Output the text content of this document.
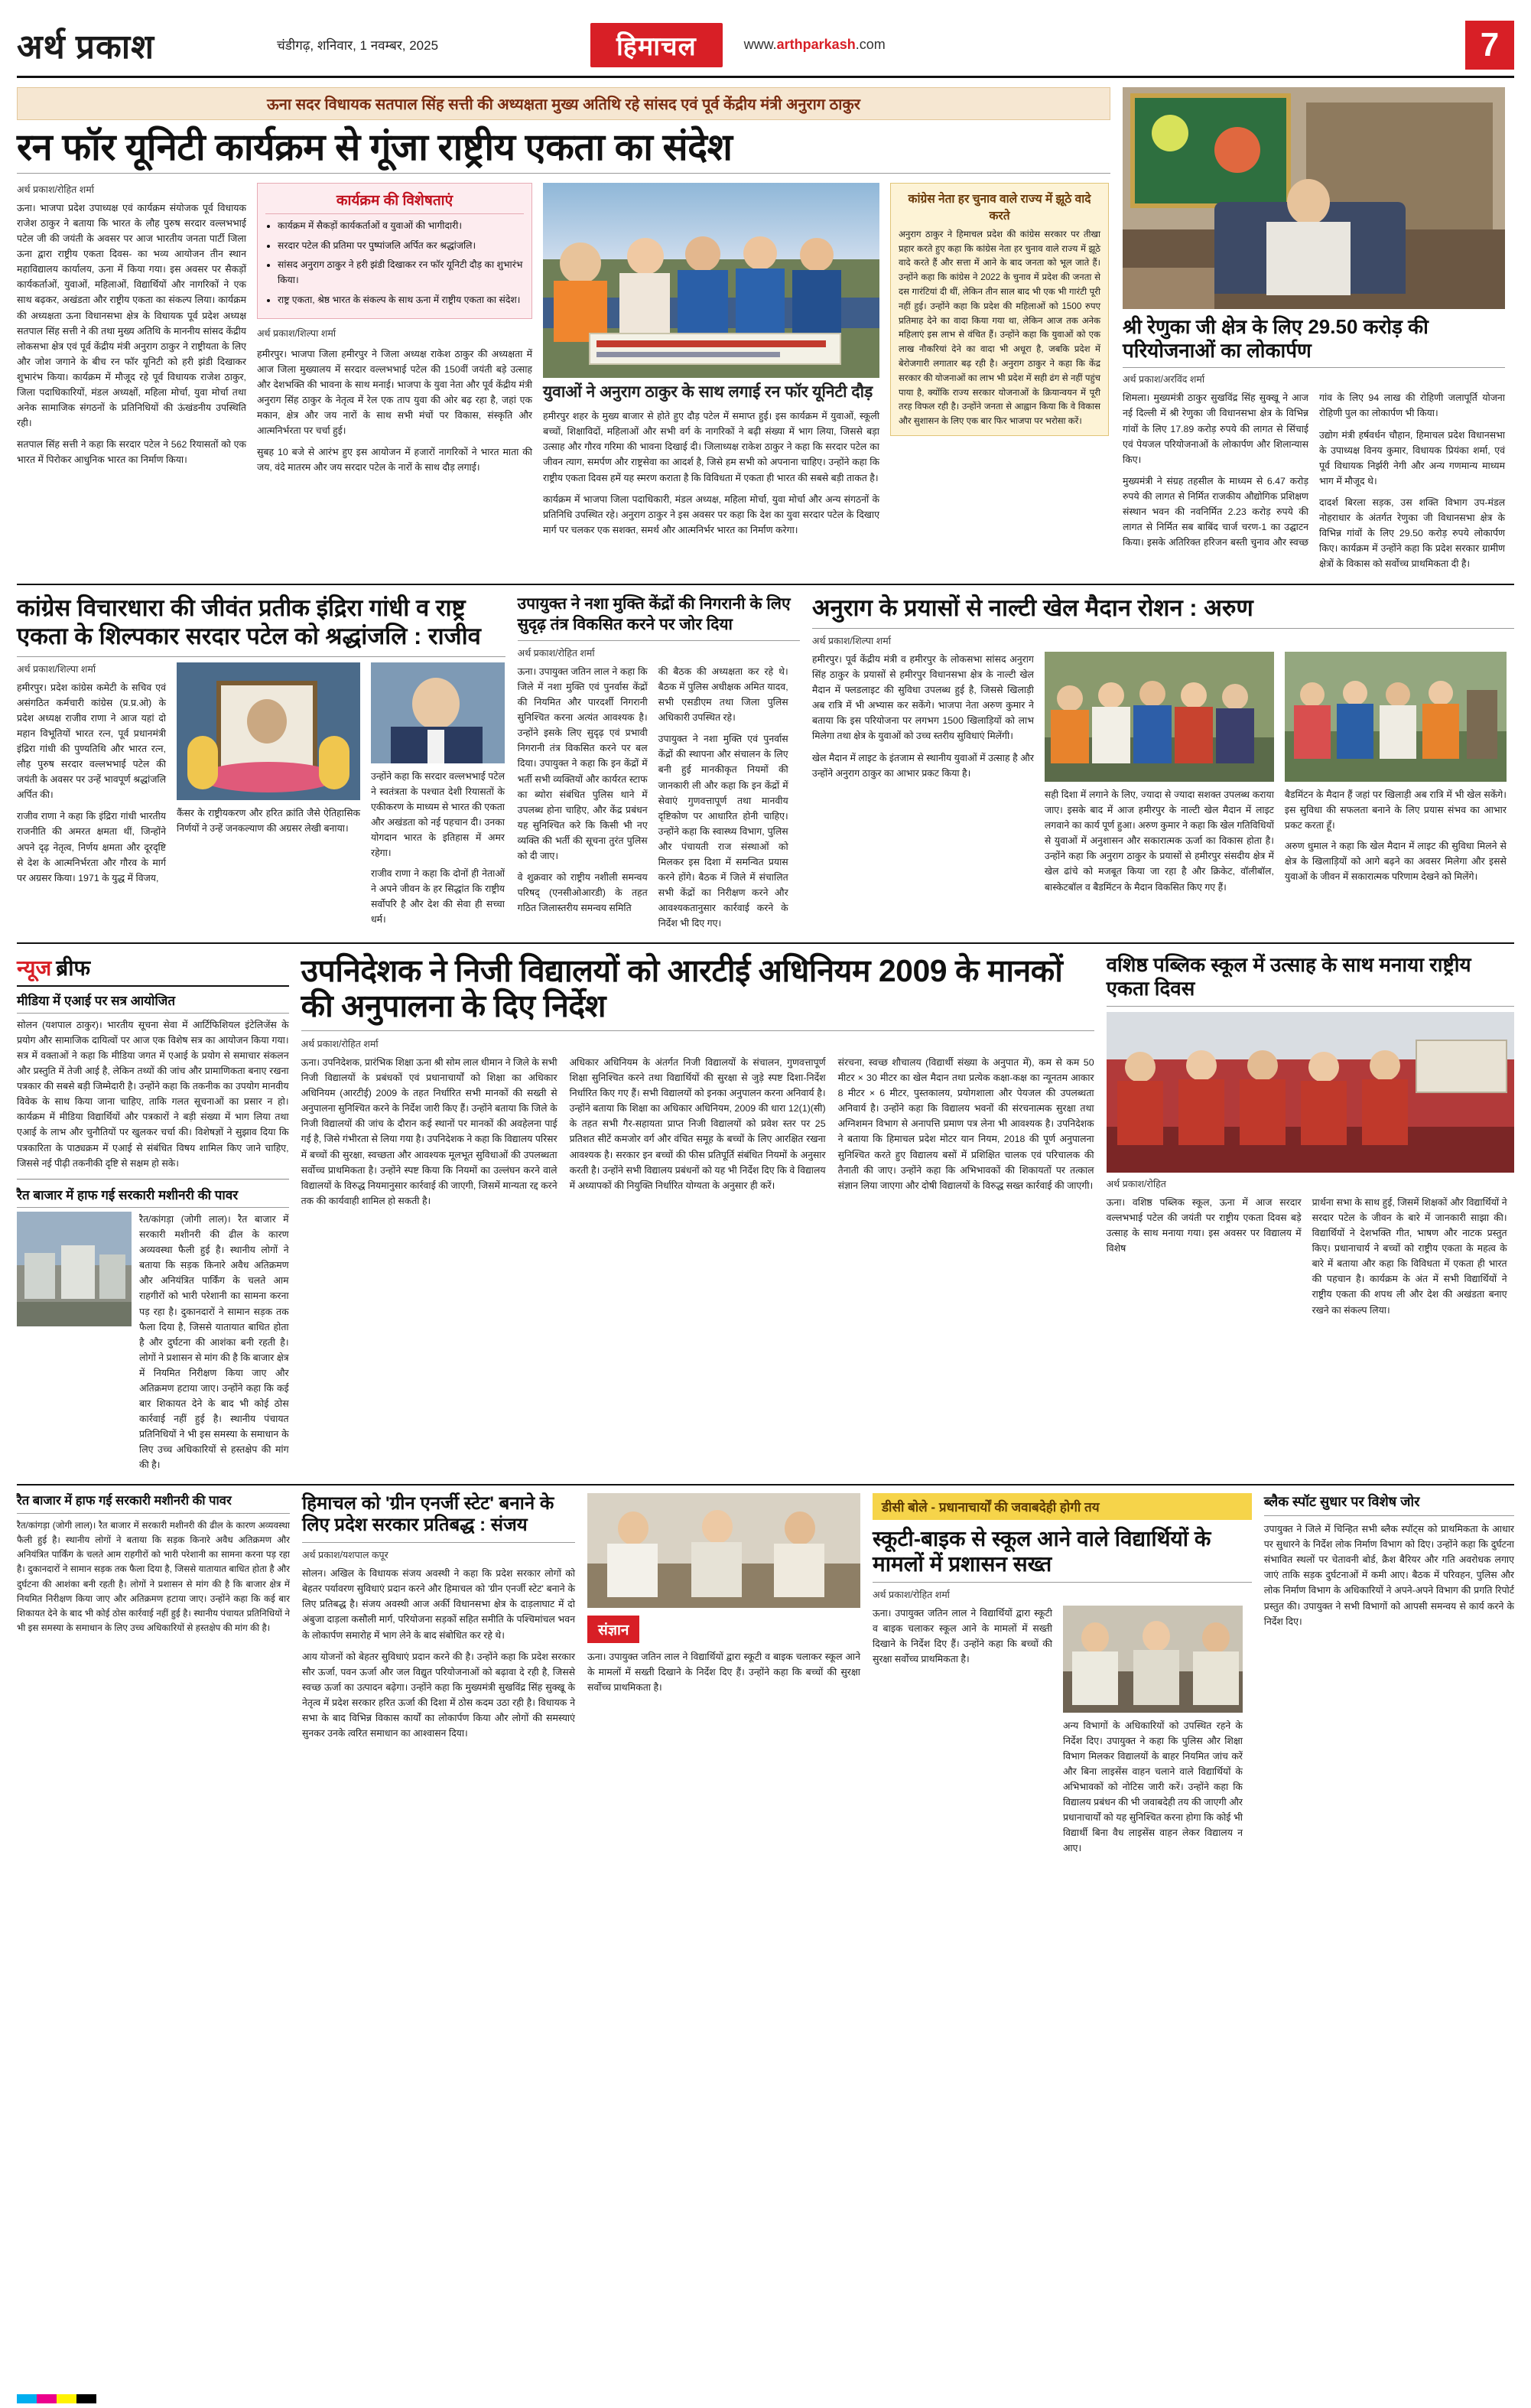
अर्थ प्रकाश	चंडीगढ़, शनिवार, 1 नवम्बर, 2025	हिमाचल	www.arthparkash.com	7
ऊना सदर विधायक सतपाल सिंह सत्ती की अध्यक्षता मुख्य अतिथि रहे सांसद एवं पूर्व केंद्रीय मंत्री अनुराग ठाकुर
रन फॉर यूनिटी कार्यक्रम से गूंजा राष्ट्रीय एकता का संदेश
अर्थ प्रकाश/रोहित शर्मा
ऊना। भाजपा प्रदेश उपाध्यक्ष एवं कार्यक्रम संयोजक पूर्व विधायक राजेश ठाकुर ने बताया कि भारत के लौह पुरुष सरदार वल्लभभाई पटेल जी की जयंती के अवसर पर आज भारतीय जनता पार्टी जिला ऊना द्वारा राष्ट्रीय एकता दिवस- का भव्य आयोजन तीन स्थान महाविद्यालय कार्यालय, ऊना में किया गया। इस अवसर पर सैकड़ों कार्यकर्ताओं, युवाओं, महिलाओं, विद्यार्थियों और नागरिकों ने एक साथ बढ़कर, अखंडता और राष्ट्रीय एकता का संकल्प लिया। कार्यक्रम की अध्यक्षता ऊना विधानसभा क्षेत्र के विधायक पूर्व प्रदेश अध्यक्ष सतपाल सिंह सत्ती ने की तथा मुख्य अतिथि के माननीय सांसद केंद्रीय लोकसभा क्षेत्र एवं पूर्व केंद्रीय मंत्री अनुराग ठाकुर ने राष्ट्रीयता के लिए और जोश जगाने के बीच रन फॉर यूनिटी को हरी झंडी दिखाकर शुभारंभ किया। कार्यक्रम में मौजूद रहे पूर्व विधायक राजेश ठाकुर, जिला पदाधिकारियों, मंडल अध्यक्षों, महिला मोर्चा, युवा मोर्चा तथा अनेक सामाजिक संगठनों के प्रतिनिधियों की ऊंखंडनीय उपस्थिति रही।
सतपाल सिंह सत्ती ने कहा कि सरदार पटेल ने 562 रियासतों को एक भारत में पिरोकर आधुनिक भारत का निर्माण किया।
कार्यक्रम की विशेषताएं
• कार्यक्रम में सैकड़ों कार्यकर्ताओं व युवाओं की भागीदारी।
• सरदार पटेल की प्रतिमा पर पुष्पांजलि अर्पित कर श्रद्धांजलि।
• सांसद अनुराग ठाकुर ने हरी झंडी दिखाकर रन फॉर यूनिटी दौड़ का शुभारंभ किया।
• राष्ट्र एकता, श्रेष्ठ भारत के संकल्प के साथ ऊना में राष्ट्रीय एकता का संदेश।
अर्थ प्रकाश/शिल्पा शर्मा
हमीरपुर। भाजपा जिला हमीरपुर ने जिला अध्यक्ष राकेश ठाकुर की अध्यक्षता में आज जिला मुख्यालय में सरदार वल्लभभाई पटेल की 150वीं जयंती बड़े उत्साह और देशभक्ति की भावना के साथ मनाई। भाजपा के युवा नेता और पूर्व केंद्रीय मंत्री अनुराग सिंह ठाकुर के नेतृत्व में रेल एक ताप युवा की ओर बढ़ रहा है, जहां एक मकान, क्षेत्र और जय नारों के साथ सभी मंचों पर विकास, संस्कृति और आत्मनिर्भरता पर चर्चा हुई।
सुबह 10 बजे से आरंभ हुए इस आयोजन में हजारों नागरिकों ने भारत माता की जय, वंदे मातरम और जय सरदार पटेल के नारों के साथ दौड़ लगाई।
युवाओं ने अनुराग ठाकुर के साथ लगाई रन फॉर यूनिटी दौड़
हमीरपुर शहर के मुख्य बाजार से होते हुए दौड़ पटेल में समाप्त हुई। इस कार्यक्रम में युवाओं, स्कूली बच्चों, शिक्षाविदों, महिलाओं और सभी वर्ग के नागरिकों ने बढ़ी संख्या में भाग लिया, जिससे बड़ा उत्साह और गौरव गरिमा की भावना दिखाई दी। जिलाध्यक्ष राकेश ठाकुर ने कहा कि सरदार पटेल का जीवन त्याग, समर्पण और राष्ट्रसेवा का आदर्श है, जिसे हम सभी को अपनाना चाहिए। उन्होंने कहा कि राष्ट्रीय एकता दिवस हमें यह स्मरण कराता है कि विविधता में एकता ही भारत की सबसे बड़ी ताकत है।
कार्यक्रम में भाजपा जिला पदाधिकारी, मंडल अध्यक्ष, महिला मोर्चा, युवा मोर्चा और अन्य संगठनों के प्रतिनिधि उपस्थित रहे। अनुराग ठाकुर ने इस अवसर पर कहा कि देश का युवा सरदार पटेल के दिखाए मार्ग पर चलकर एक सशक्त, समर्थ और आत्मनिर्भर भारत का निर्माण करेगा।
कांग्रेस नेता हर चुनाव वाले राज्य में झूठे वादे करते
अनुराग ठाकुर ने हिमाचल प्रदेश की कांग्रेस सरकार पर तीखा प्रहार करते हुए कहा कि कांग्रेस नेता हर चुनाव वाले राज्य में झूठे वादे करते हैं और सत्ता में आने के बाद जनता को भूल जाते हैं। उन्होंने कहा कि कांग्रेस ने 2022 के चुनाव में प्रदेश की जनता से दस गारंटियां दी थीं, लेकिन तीन साल बाद भी एक भी गारंटी पूरी नहीं हुई। उन्होंने कहा कि प्रदेश की महिलाओं को 1500 रुपए प्रतिमाह देने का वादा किया गया था, लेकिन आज तक अनेक महिलाएं इस लाभ से वंचित हैं। उन्होंने कहा कि युवाओं को एक लाख नौकरियां देने का वादा भी अधूरा है, जबकि प्रदेश में बेरोजगारी लगातार बढ़ रही है। अनुराग ठाकुर ने कहा कि केंद्र सरकार की योजनाओं का लाभ भी प्रदेश में सही ढंग से नहीं पहुंच पाया है, क्योंकि राज्य सरकार योजनाओं के क्रियान्वयन में पूरी तरह विफल रही है। उन्होंने जनता से आह्वान किया कि वे विकास और सुशासन के लिए एक बार फिर भाजपा पर भरोसा करें।
श्री रेणुका जी क्षेत्र के लिए 29.50 करोड़ की परियोजनाओं का लोकार्पण
अर्थ प्रकाश/अरविंद शर्मा
शिमला। मुख्यमंत्री ठाकुर सुखविंद्र सिंह सुक्खू ने आज नई दिल्ली में श्री रेणुका जी विधानसभा क्षेत्र के विभिन्न गांवों के लिए 17.89 करोड़ रुपये की लागत से सिंचाई एवं पेयजल परियोजनाओं के लोकार्पण और शिलान्यास किए।
मुख्यमंत्री ने संग्रह तहसील के माध्यम से 6.47 करोड़ रुपये की लागत से निर्मित राजकीय औद्योगिक प्रशिक्षण संस्थान भवन की नवनिर्मित 2.23 करोड़ रुपये की लागत से निर्मित सब बाबिंद चार्ज चरण-1 का उद्घाटन किया। इसके अतिरिक्त हरिजन बस्ती चुनाव और स्वच्छ गांव के लिए 94 लाख की रोहिणी जलापूर्ति योजना रोहिणी पुल का लोकार्पण भी किया।
उद्योग मंत्री हर्षवर्धन चौहान, हिमाचल प्रदेश विधानसभा के उपाध्यक्ष विनय कुमार, विधायक प्रियंका शर्मा, एवं पूर्व विधायक निर्झरी नेगी और अन्य गणमान्य माध्यम भाग में मौजूद थे।
दादर्श बिरला सड़क, उस शक्ति विभाग उप-मंडल नोहराधार के अंतर्गत रेणुका जी विधानसभा क्षेत्र के विभिन्न गांवों के लिए 29.50 करोड़ रुपये लोकार्पण किए। कार्यक्रम में उन्होंने कहा कि प्रदेश सरकार ग्रामीण क्षेत्रों के विकास को सर्वोच्च प्राथमिकता दी है।
कांग्रेस विचारधारा की जीवंत प्रतीक इंद्रिरा गांधी व राष्ट्र एकता के शिल्पकार सरदार पटेल को श्रद्धांजलि : राजीव
अर्थ प्रकाश/शिल्पा शर्मा
हमीरपुर। प्रदेश कांग्रेस कमेटी के सचिव एवं असंगठित कर्मचारी कांग्रेस (प्र.प्र.ओ) के प्रदेश अध्यक्ष राजीव राणा ने आज यहां दो महान विभूतियों भारत रत्न, पूर्व प्रधानमंत्री इंद्रिरा गांधी की पुण्यतिथि और भारत रत्न, लौह पुरुष सरदार वल्लभभाई पटेल की जयंती के अवसर पर उन्हें भावपूर्ण श्रद्धांजलि अर्पित की।
राजीव राणा ने कहा कि इंद्रिरा गांधी भारतीय राजनीति की अमरत क्षमता थीं, जिन्होंने अपने दृढ़ नेतृत्व, निर्णय क्षमता और दूरदृष्टि से देश के आत्मनिर्भरता और गौरव के मार्ग पर अग्रसर किया। 1971 के युद्ध में विजय,
कैंसर के राष्ट्रीयकरण और हरित क्रांति जैसे ऐतिहासिक निर्णयों ने उन्हें जनकल्याण की अग्रसर लेखी बनाया।
उन्होंने कहा कि सरदार वल्लभभाई पटेल ने स्वतंत्रता के पश्चात देशी रियासतों के एकीकरण के माध्यम से भारत की एकता और अखंडता को नई पहचान दी। उनका योगदान भारत के इतिहास में अमर रहेगा।
राजीव राणा ने कहा कि दोनों ही नेताओं ने अपने जीवन के हर सिद्धांत कि राष्ट्रीय सर्वोपरि है और देश की सेवा ही सच्चा धर्म।
उपायुक्त ने नशा मुक्ति केंद्रों की निगरानी के लिए सुदृढ़ तंत्र विकसित करने पर जोर दिया
अर्थ प्रकाश/रोहित शर्मा
ऊना। उपायुक्त जतिन लाल ने कहा कि जिले में नशा मुक्ति एवं पुनर्वास केंद्रों की नियमित और पारदर्शी निगरानी सुनिश्चित करना अत्यंत आवश्यक है। उन्होंने इसके लिए सुदृढ़ एवं प्रभावी निगरानी तंत्र विकसित करने पर बल दिया। उपायुक्त ने कहा कि इन केंद्रों में भर्ती सभी व्यक्तियों और कार्यरत स्टाफ का ब्योरा संबंधित पुलिस थाने में उपलब्ध होना चाहिए, और केंद्र प्रबंधन यह सुनिश्चित करे कि किसी भी नए व्यक्ति की भर्ती की सूचना तुरंत पुलिस को दी जाए।
वे शुक्रवार को राष्ट्रीय नशीली समन्वय परिषद् (एनसीओआरडी) के तहत गठित जिलास्तरीय समन्वय समिति
की बैठक की अध्यक्षता कर रहे थे। बैठक में पुलिस अधीक्षक अमित यादव, सभी एसडीएम तथा जिला पुलिस अधिकारी उपस्थित रहे।
उपायुक्त ने नशा मुक्ति एवं पुनर्वास केंद्रों की स्थापना और संचालन के लिए बनी हुई मानकीकृत नियमों की जानकारी ली और कहा कि इन केंद्रों में सेवाएं गुणवत्तापूर्ण तथा मानवीय दृष्टिकोण पर आधारित होनी चाहिए। उन्होंने कहा कि स्वास्थ्य विभाग, पुलिस और पंचायती राज संस्थाओं को मिलकर इस दिशा में समन्वित प्रयास करने होंगे। बैठक में जिले में संचालित सभी केंद्रों का निरीक्षण करने और आवश्यकतानुसार कार्रवाई करने के निर्देश भी दिए गए।
अनुराग के प्रयासों से नाल्टी खेल मैदान रोशन : अरुण
अर्थ प्रकाश/शिल्पा शर्मा
हमीरपुर। पूर्व केंद्रीय मंत्री व हमीरपुर के लोकसभा सांसद अनुराग सिंह ठाकुर के प्रयासों से हमीरपुर विधानसभा क्षेत्र के नाल्टी खेल मैदान में फ्लडलाइट की सुविधा उपलब्ध हुई है, जिससे खिलाड़ी अब रात्रि में भी अभ्यास कर सकेंगे। भाजपा नेता अरुण कुमार ने बताया कि इस परियोजना पर लगभग 1500 खिलाड़ियों को लाभ मिलेगा तथा क्षेत्र के युवाओं को उच्च स्तरीय सुविधाएं मिलेंगी।
खेल मैदान में लाइट के इंतजाम से स्थानीय युवाओं में उत्साह है और उन्होंने अनुराग ठाकुर का आभार प्रकट किया है।
सही दिशा में लगाने के लिए, ज्यादा से ज्यादा सशक्त उपलब्ध कराया जाए। इसके बाद में आज हमीरपुर के नाल्टी खेल मैदान में लाइट लगवाने का कार्य पूर्ण हुआ। अरुण कुमार ने कहा कि खेल गतिविधियों से युवाओं में अनुशासन और सकारात्मक ऊर्जा का विकास होता है। उन्होंने कहा कि अनुराग ठाकुर के प्रयासों से हमीरपुर संसदीय क्षेत्र में खेल ढांचे को मजबूत किया जा रहा है और क्रिकेट, वॉलीबॉल, बास्केटबॉल व बैडमिंटन के मैदान विकसित किए गए हैं।
बैडमिंटन के मैदान हैं जहां पर खिलाड़ी अब रात्रि में भी खेल सकेंगे। इस सुविधा की सफलता बनाने के लिए प्रयास संभव का आभार प्रकट करता हूँ।
अरुण धुमाल ने कहा कि खेल मैदान में लाइट की सुविधा मिलने से क्षेत्र के खिलाड़ियों को आगे बढ़ने का अवसर मिलेगा और इससे युवाओं के जीवन में सकारात्मक परिणाम देखने को मिलेंगे।
न्यूज ब्रीफ
मीडिया में एआई पर सत्र आयोजित
सोलन (यशपाल ठाकुर)। भारतीय सूचना सेवा में आर्टिफिशियल इंटेलिजेंस के प्रयोग और सामाजिक दायित्वों पर आज एक विशेष सत्र का आयोजन किया गया। सत्र में वक्ताओं ने कहा कि मीडिया जगत में एआई के प्रयोग से समाचार संकलन और प्रस्तुति में तेजी आई है, लेकिन तथ्यों की जांच और प्रामाणिकता बनाए रखना पत्रकार की सबसे बड़ी जिम्मेदारी है। उन्होंने कहा कि तकनीक का उपयोग मानवीय विवेक के साथ किया जाना चाहिए, ताकि गलत सूचनाओं का प्रसार न हो। कार्यक्रम में मीडिया विद्यार्थियों और पत्रकारों ने बड़ी संख्या में भाग लिया तथा एआई के लाभ और चुनौतियों पर खुलकर चर्चा की। विशेषज्ञों ने सुझाव दिया कि पत्रकारिता के पाठ्यक्रम में एआई से संबंधित विषय शामिल किए जाने चाहिए, जिससे नई पीढ़ी तकनीकी दृष्टि से सक्षम हो सके।
रैत बाजार में हाफ गई सरकारी मशीनरी की पावर
रैत/कांगड़ा (जोगी लाल)। रैत बाजार में सरकारी मशीनरी की ढील के कारण अव्यवस्था फैली हुई है। स्थानीय लोगों ने बताया कि सड़क किनारे अवैध अतिक्रमण और अनियंत्रित पार्किंग के चलते आम राहगीरों को भारी परेशानी का सामना करना पड़ रहा है। दुकानदारों ने सामान सड़क तक फैला दिया है, जिससे यातायात बाधित होता है और दुर्घटना की आशंका बनी रहती है। लोगों ने प्रशासन से मांग की है कि बाजार क्षेत्र में नियमित निरीक्षण किया जाए और अतिक्रमण हटाया जाए। उन्होंने कहा कि कई बार शिकायत देने के बाद भी कोई ठोस कार्रवाई नहीं हुई है। स्थानीय पंचायत प्रतिनिधियों ने भी इस समस्या के समाधान के लिए उच्च अधिकारियों से हस्तक्षेप की मांग की है।
उपनिदेशक ने निजी विद्यालयों को आरटीई अधिनियम 2009 के मानकों की अनुपालना के दिए निर्देश
अर्थ प्रकाश/रोहित शर्मा
ऊना। उपनिदेशक, प्रारंभिक शिक्षा ऊना श्री सोम लाल धीमान ने जिले के सभी निजी विद्यालयों के प्रबंधकों एवं प्रधानाचार्यों को शिक्षा का अधिकार अधिनियम (आरटीई) 2009 के तहत निर्धारित सभी मानकों की सख्ती से अनुपालना सुनिश्चित करने के निर्देश जारी किए हैं। उन्होंने बताया कि जिले के निजी विद्यालयों की जांच के दौरान कई स्थानों पर मानकों की अवहेलना पाई गई है, जिसे गंभीरता से लिया गया है। उपनिदेशक ने कहा कि विद्यालय परिसर में बच्चों की सुरक्षा, स्वच्छता और आवश्यक मूलभूत सुविधाओं की उपलब्धता सर्वोच्च प्राथमिकता है। उन्होंने स्पष्ट किया कि नियमों का उल्लंघन करने वाले विद्यालयों के विरुद्ध नियमानुसार कार्रवाई की जाएगी, जिसमें मान्यता रद्द करने तक की कार्यवाही शामिल हो सकती है।
अधिकार अधिनियम के अंतर्गत निजी विद्यालयों के संचालन, गुणवत्तापूर्ण शिक्षा सुनिश्चित करने तथा विद्यार्थियों की सुरक्षा से जुड़े स्पष्ट दिशा-निर्देश निर्धारित किए गए हैं। सभी विद्यालयों को इनका अनुपालन करना अनिवार्य है। उन्होंने बताया कि शिक्षा का अधिकार अधिनियम, 2009 की धारा 12(1)(सी) के तहत सभी गैर-सहायता प्राप्त निजी विद्यालयों को प्रवेश स्तर पर 25 प्रतिशत सीटें कमजोर वर्ग और वंचित समूह के बच्चों के लिए आरक्षित रखना आवश्यक है। सरकार इन बच्चों की फीस प्रतिपूर्ति संबंधित नियमों के अनुसार करती है। उन्होंने सभी विद्यालय प्रबंधनों को यह भी निर्देश दिए कि वे विद्यालय में अध्यापकों की नियुक्ति निर्धारित योग्यता के अनुसार ही करें।
संरचना, स्वच्छ शौचालय (विद्यार्थी संख्या के अनुपात में), कम से कम 50 मीटर × 30 मीटर का खेल मैदान तथा प्रत्येक कक्षा-कक्ष का न्यूनतम आकार 8 मीटर × 6 मीटर, पुस्तकालय, प्रयोगशाला और पेयजल की उपलब्धता अनिवार्य है। उन्होंने कहा कि विद्यालय भवनों की संरचनात्मक सुरक्षा तथा अग्निशमन विभाग से अनापत्ति प्रमाण पत्र लेना भी आवश्यक है। उपनिदेशक ने बताया कि हिमाचल प्रदेश मोटर यान नियम, 2018 की पूर्ण अनुपालना सुनिश्चित करते हुए विद्यालय बसों में प्रशिक्षित चालक एवं परिचालक की तैनाती की जाए। उन्होंने कहा कि अभिभावकों की शिकायतों पर तत्काल संज्ञान लिया जाएगा और दोषी विद्यालयों के विरुद्ध सख्त कार्रवाई की जाएगी।
वशिष्ठ पब्लिक स्कूल में उत्साह के साथ मनाया राष्ट्रीय एकता दिवस
अर्थ प्रकाश/रोहित
ऊना। वशिष्ठ पब्लिक स्कूल, ऊना में आज सरदार वल्लभभाई पटेल की जयंती पर राष्ट्रीय एकता दिवस बड़े उत्साह के साथ मनाया गया। इस अवसर पर विद्यालय में विशेष
प्रार्थना सभा के साथ हुई, जिसमें शिक्षकों और विद्यार्थियों ने सरदार पटेल के जीवन के बारे में जानकारी साझा की। विद्यार्थियों ने देशभक्ति गीत, भाषण और नाटक प्रस्तुत किए। प्रधानाचार्य ने बच्चों को राष्ट्रीय एकता के महत्व के बारे में बताया और कहा कि विविधता में एकता ही भारत की पहचान है। कार्यक्रम के अंत में सभी विद्यार्थियों ने राष्ट्रीय एकता की शपथ ली और देश की अखंडता बनाए रखने का संकल्प लिया।
रैत बाजार में हाफ गई सरकारी मशीनरी की पावर
रैत/कांगड़ा (जोगी लाल)। रैत बाजार में सरकारी मशीनरी की ढील के कारण अव्यवस्था फैली हुई है। स्थानीय लोगों ने बताया कि सड़क किनारे अवैध अतिक्रमण और अनियंत्रित पार्किंग के चलते आम राहगीरों को भारी परेशानी का सामना करना पड़ रहा है। दुकानदारों ने सामान सड़क तक फैला दिया है, जिससे यातायात बाधित होता है और दुर्घटना की आशंका बनी रहती है। लोगों ने प्रशासन से मांग की है कि बाजार क्षेत्र में नियमित निरीक्षण किया जाए और अतिक्रमण हटाया जाए। उन्होंने कहा कि कई बार शिकायत देने के बाद भी कोई ठोस कार्रवाई नहीं हुई है। स्थानीय पंचायत प्रतिनिधियों ने भी इस समस्या के समाधान के लिए उच्च अधिकारियों से हस्तक्षेप की मांग की है।
हिमाचल को 'ग्रीन एनर्जी स्टेट' बनाने के लिए प्रदेश सरकार प्रतिबद्ध : संजय
अर्थ प्रकाश/यशपाल कपूर
सोलन। अखिल के विधायक संजय अवस्थी ने कहा कि प्रदेश सरकार लोगों को बेहतर पर्यावरण सुविधाएं प्रदान करने और हिमाचल को 'ग्रीन एनर्जी स्टेट' बनाने के लिए प्रतिबद्ध है। संजय अवस्थी आज अर्की विधानसभा क्षेत्र के दाड़लाघाट में दो अंबुजा दाड़ला कसौली मार्ग, परियोजना सड़कों सहित समीति के पश्चिमांचल भवन के लोकार्पण समारोह में भाग लेने के बाद संबोधित कर रहे थे।
आय योजनों को बेहतर सुविधाएं प्रदान करने की है। उन्होंने कहा कि प्रदेश सरकार सौर ऊर्जा, पवन ऊर्जा और जल विद्युत परियोजनाओं को बढ़ावा दे रही है, जिससे स्वच्छ ऊर्जा का उत्पादन बढ़ेगा। उन्होंने कहा कि मुख्यमंत्री सुखविंद्र सिंह सुक्खू के नेतृत्व में प्रदेश सरकार हरित ऊर्जा की दिशा में ठोस कदम उठा रही है। विधायक ने सभा के बाद विभिन्न विकास कार्यों का लोकार्पण किया और लोगों की समस्याएं सुनकर उनके त्वरित समाधान का आश्वासन दिया।
संज्ञान
ऊना। उपायुक्त जतिन लाल ने विद्यार्थियों द्वारा स्कूटी व बाइक चलाकर स्कूल आने के मामलों में सख्ती दिखाने के निर्देश दिए हैं। उन्होंने कहा कि बच्चों की सुरक्षा सर्वोच्च प्राथमिकता है।
डीसी बोले - प्रधानाचार्यों की जवाबदेही होगी तय
स्कूटी-बाइक से स्कूल आने वाले विद्यार्थियों के मामलों में प्रशासन सख्त
अर्थ प्रकाश/रोहित शर्मा
ऊना। उपायुक्त जतिन लाल ने विद्यार्थियों द्वारा स्कूटी व बाइक चलाकर स्कूल आने के मामलों में सख्ती दिखाने के निर्देश दिए हैं। उन्होंने कहा कि बच्चों की सुरक्षा सर्वोच्च प्राथमिकता है।
अन्य विभागों के अधिकारियों को उपस्थित रहने के निर्देश दिए। उपायुक्त ने कहा कि पुलिस और शिक्षा विभाग मिलकर विद्यालयों के बाहर नियमित जांच करें और बिना लाइसेंस वाहन चलाने वाले विद्यार्थियों के अभिभावकों को नोटिस जारी करें। उन्होंने कहा कि विद्यालय प्रबंधन की भी जवाबदेही तय की जाएगी और प्रधानाचार्यों को यह सुनिश्चित करना होगा कि कोई भी विद्यार्थी बिना वैध लाइसेंस वाहन लेकर विद्यालय न आए।
ब्लैक स्पॉट सुधार पर विशेष जोर
उपायुक्त ने जिले में चिन्हित सभी ब्लैक स्पॉट्स को प्राथमिकता के आधार पर सुधारने के निर्देश लोक निर्माण विभाग को दिए। उन्होंने कहा कि दुर्घटना संभावित स्थलों पर चेतावनी बोर्ड, क्रैश बैरियर और गति अवरोधक लगाए जाएं ताकि सड़क दुर्घटनाओं में कमी आए। बैठक में परिवहन, पुलिस और लोक निर्माण विभाग के अधिकारियों ने अपने-अपने विभाग की प्रगति रिपोर्ट प्रस्तुत की। उपायुक्त ने सभी विभागों को आपसी समन्वय से कार्य करने के निर्देश दिए।
